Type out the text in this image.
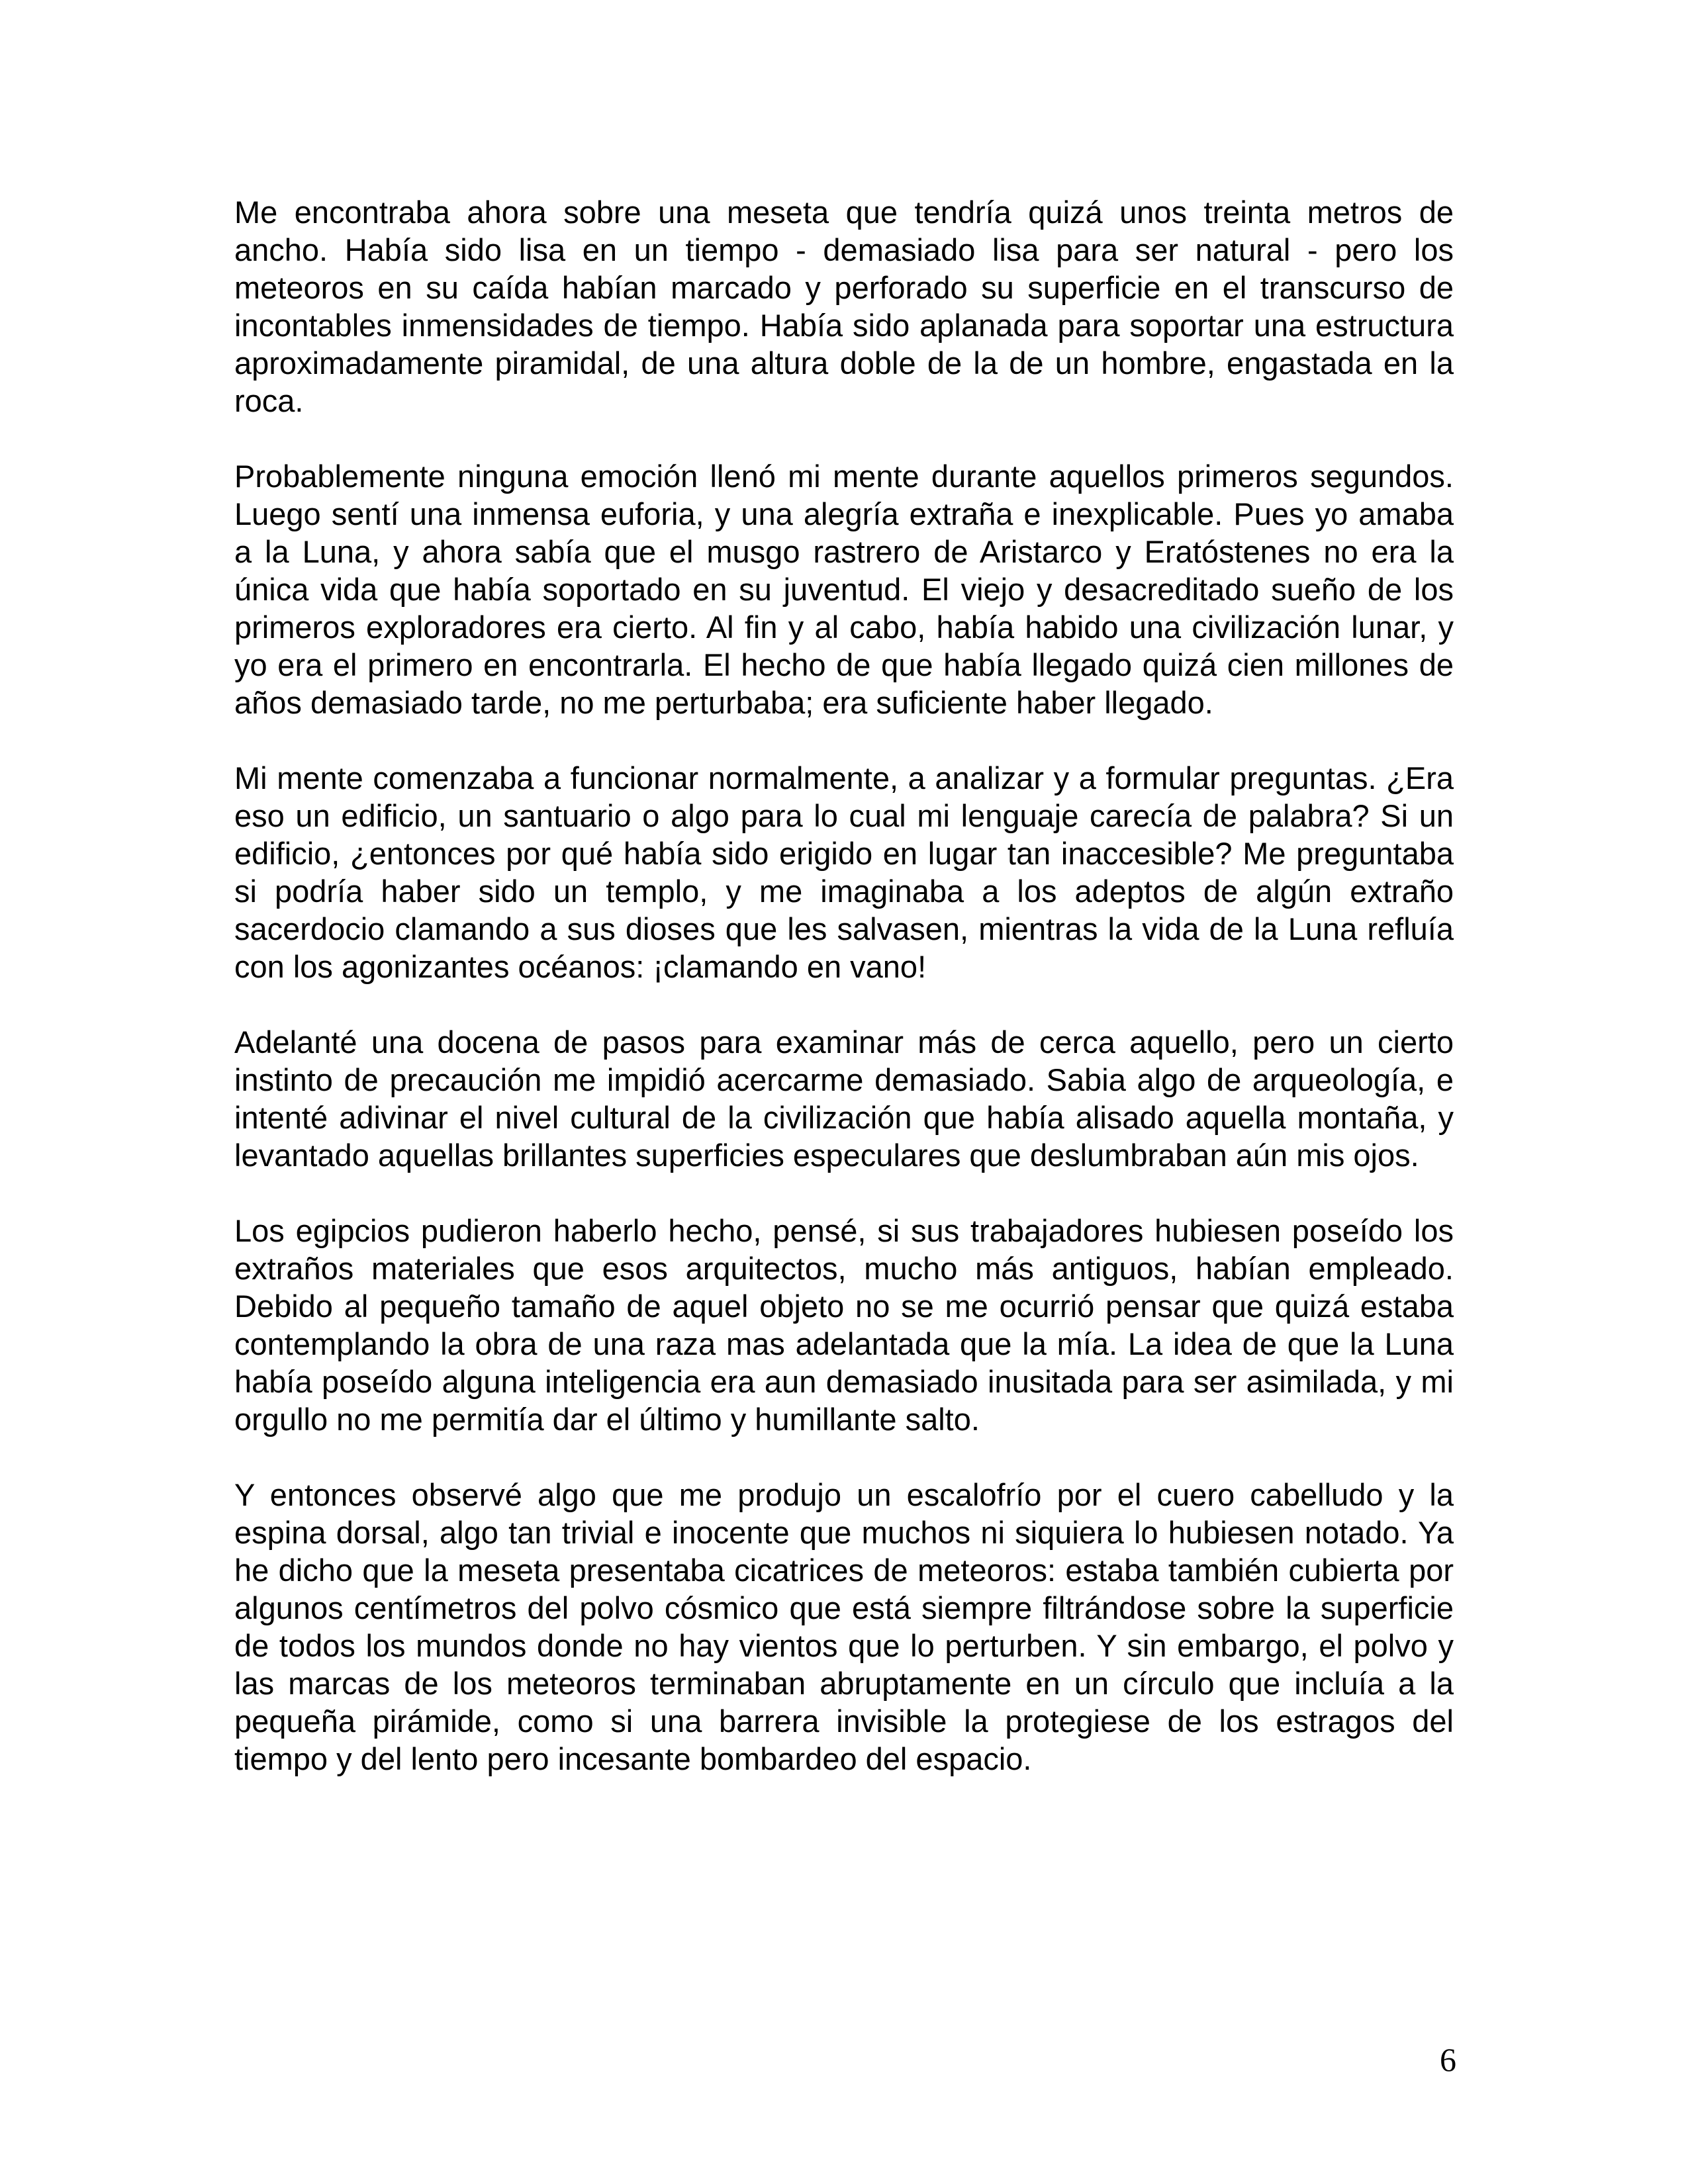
Me encontraba ahora sobre una meseta que tendría quizá unos treinta metros de ancho. Había sido lisa en un tiempo - demasiado lisa para ser natural - pero los meteoros en su caída habían marcado y perforado su superficie en el transcurso de incontables inmensidades de tiempo. Había sido aplanada para soportar una estructura aproximadamente piramidal, de una altura doble de la de un hombre, engastada en la roca.

Probablemente ninguna emoción llenó mi mente durante aquellos primeros segundos. Luego sentí una inmensa euforia, y una alegría extraña e inexplicable. Pues yo amaba a la Luna, y ahora sabía que el musgo rastrero de Aristarco y Eratóstenes no era la única vida que había soportado en su juventud. El viejo y desacreditado sueño de los primeros exploradores era cierto. Al fin y al cabo, había habido una civilización lunar, y yo era el primero en encontrarla. El hecho de que había llegado quizá cien millones de años demasiado tarde, no me perturbaba; era suficiente haber llegado.

Mi mente comenzaba a funcionar normalmente, a analizar y a formular preguntas. ¿Era eso un edificio, un santuario o algo para lo cual mi lenguaje carecía de palabra? Si un edificio, ¿entonces por qué había sido erigido en lugar tan inaccesible? Me preguntaba si podría haber sido un templo, y me imaginaba a los adeptos de algún extraño sacerdocio clamando a sus dioses que les salvasen, mientras la vida de la Luna refluía con los agonizantes océanos: ¡clamando en vano!

Adelanté una docena de pasos para examinar más de cerca aquello, pero un cierto instinto de precaución me impidió acercarme demasiado. Sabia algo de arqueología, e intenté adivinar el nivel cultural de la civilización que había alisado aquella montaña, y levantado aquellas brillantes superficies especulares que deslumbraban aún mis ojos.

Los egipcios pudieron haberlo hecho, pensé, si sus trabajadores hubiesen poseído los extraños materiales que esos arquitectos, mucho más antiguos, habían empleado. Debido al pequeño tamaño de aquel objeto no se me ocurrió pensar que quizá estaba contemplando la obra de una raza mas adelantada que la mía. La idea de que la Luna había poseído alguna inteligencia era aun demasiado inusitada para ser asimilada, y mi orgullo no me permitía dar el último y humillante salto.

Y entonces observé algo que me produjo un escalofrío por el cuero cabelludo y la espina dorsal, algo tan trivial e inocente que muchos ni siquiera lo hubiesen notado. Ya he dicho que la meseta presentaba cicatrices de meteoros: estaba también cubierta por algunos centímetros del polvo cósmico que está siempre filtrándose sobre la superficie de todos los mundos donde no hay vientos que lo perturben. Y sin embargo, el polvo y las marcas de los meteoros terminaban abruptamente en un círculo que incluía a la pequeña pirámide, como si una barrera invisible la protegiese de los estragos del tiempo y del lento pero incesante bombardeo del espacio.

6
